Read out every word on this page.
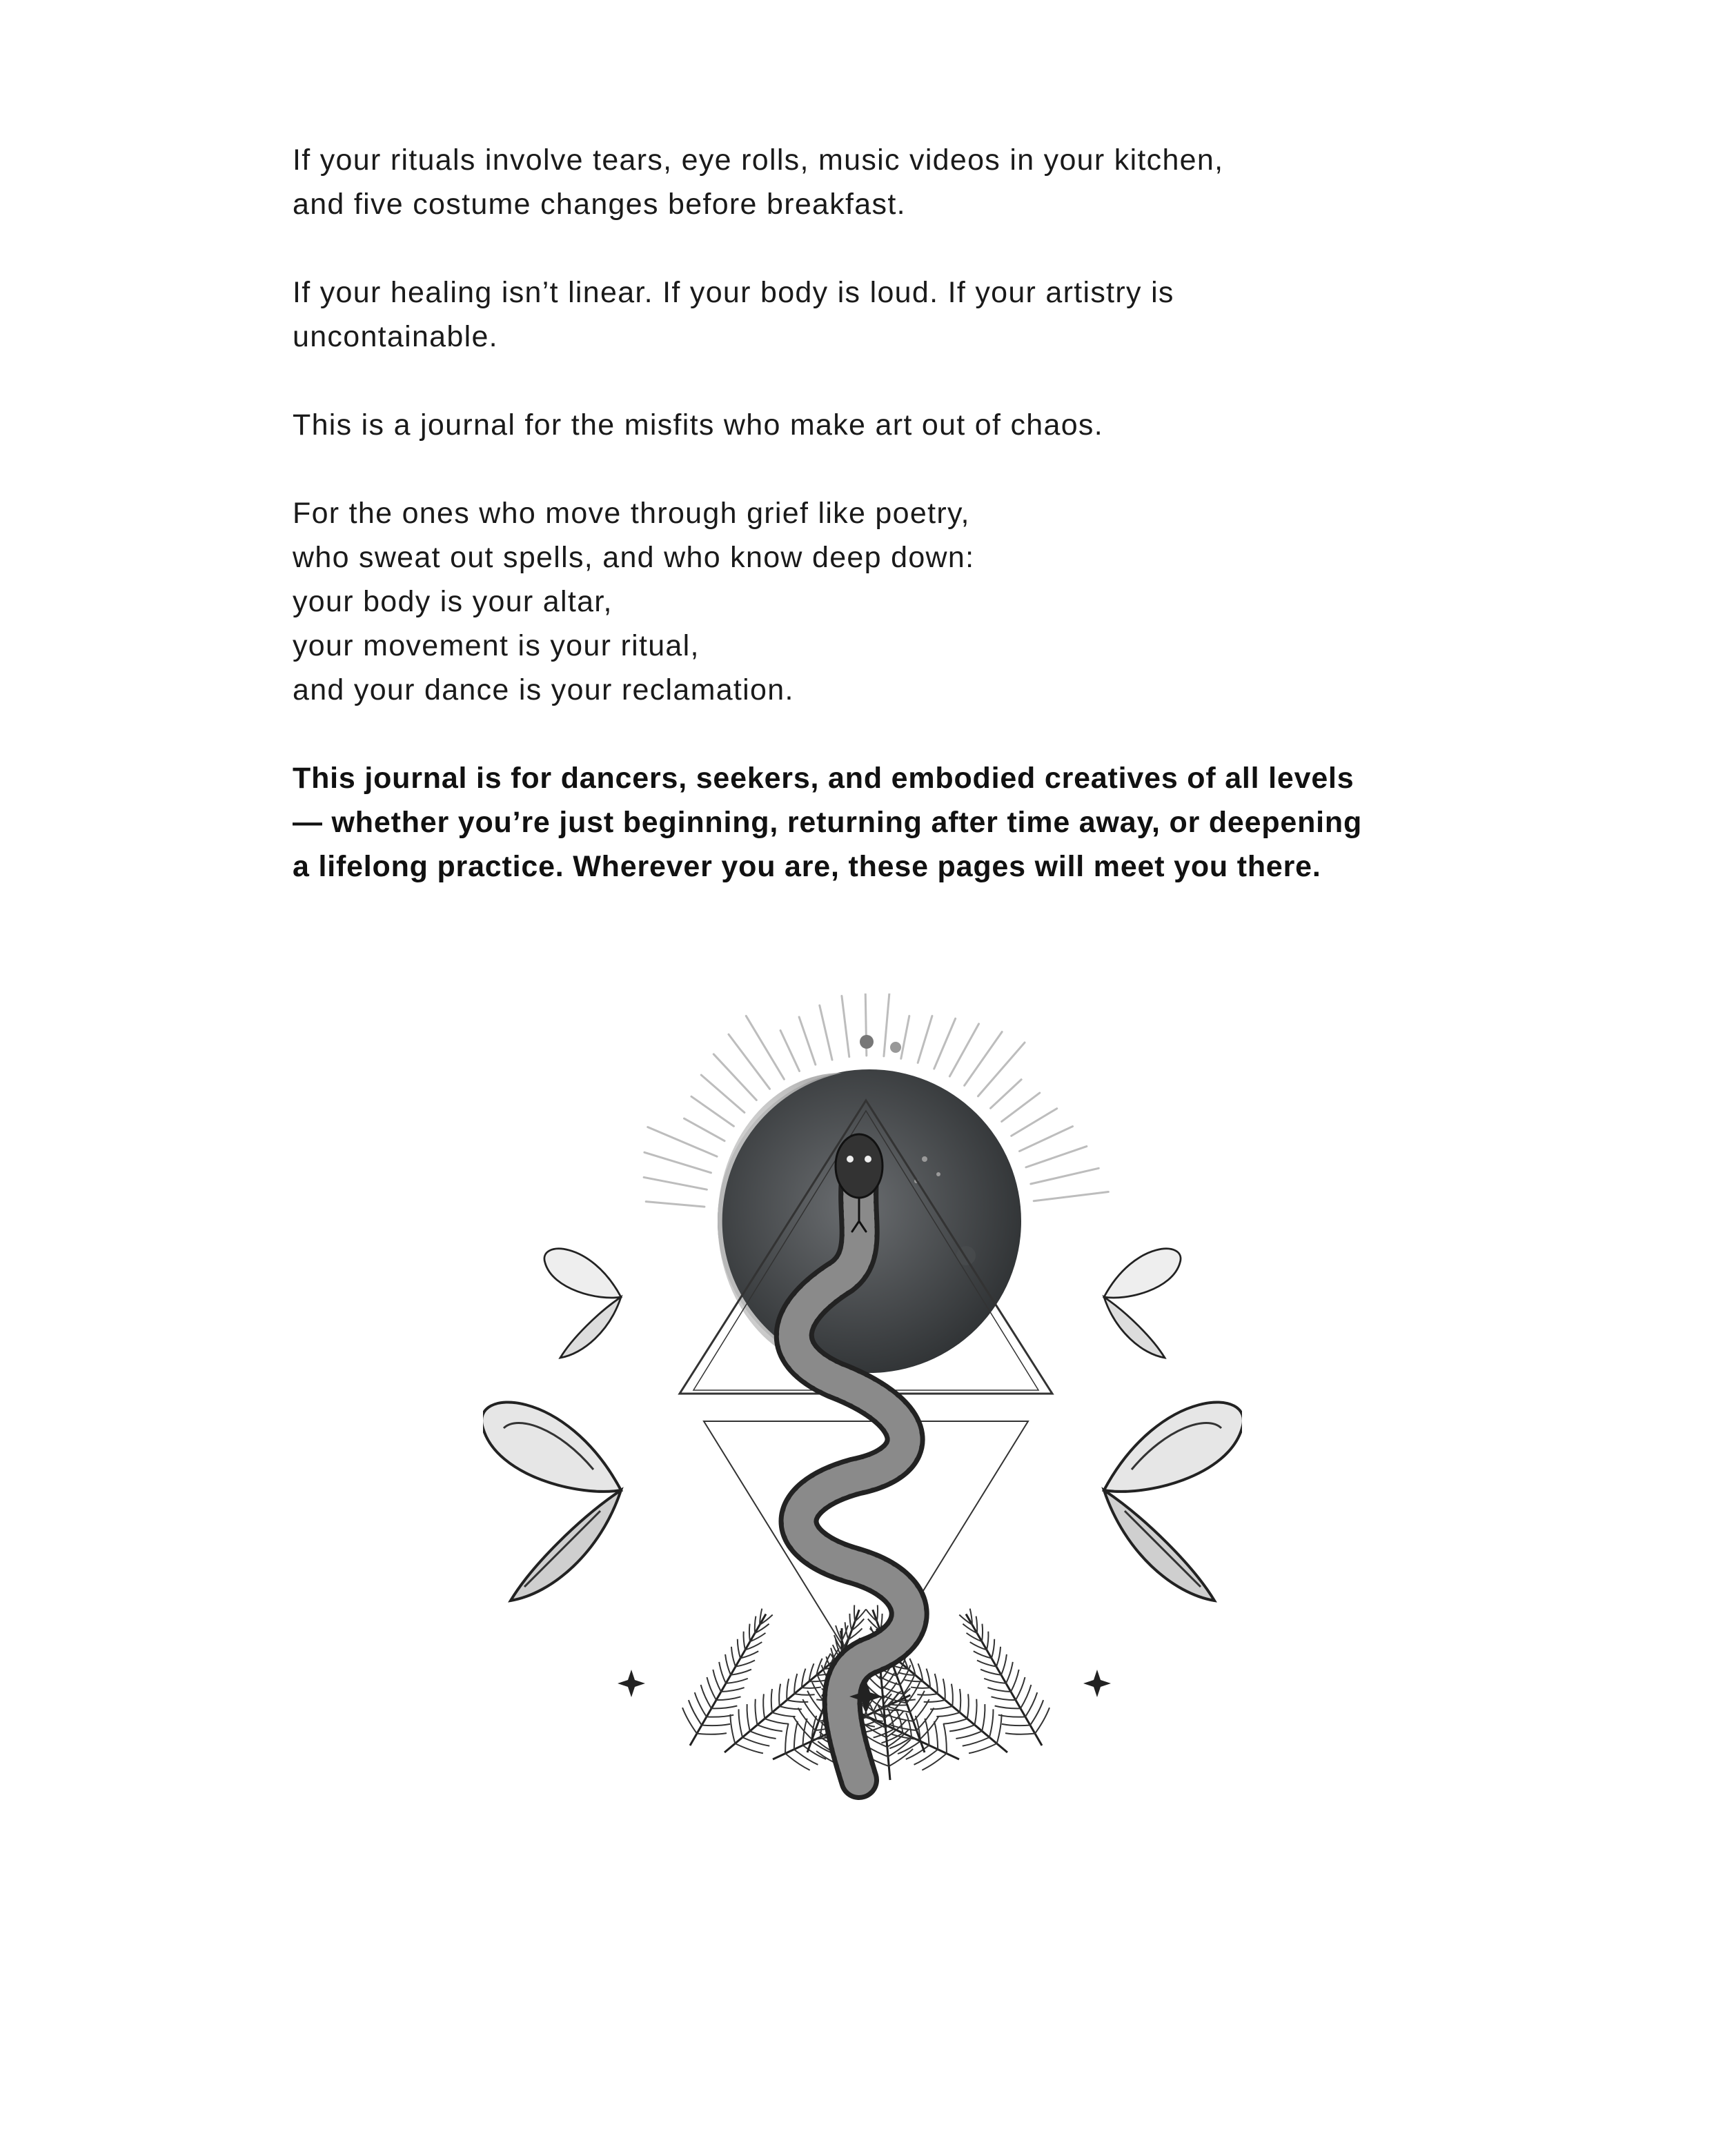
If your rituals involve tears, eye rolls, music videos in your kitchen,
and five costume changes before breakfast.

If your healing isn’t linear. If your body is loud. If your artistry is
uncontainable.

This is a journal for the misfits who make art out of chaos.

For the ones who move through grief like poetry,
who sweat out spells, and who know deep down:
your body is your altar,
your movement is your ritual,
and your dance is your reclamation.

This journal is for dancers, seekers, and embodied creatives of all levels
— whether you’re just beginning, returning after time away, or deepening
a lifelong practice. Wherever you are, these pages will meet you there.
